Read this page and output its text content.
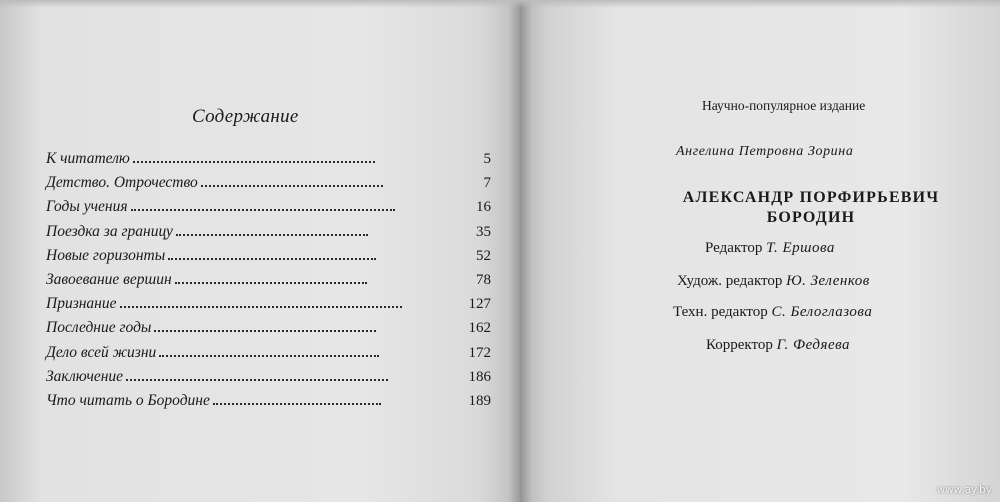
Содержание
К читателю	5
Детство. Отрочество	7
Годы учения	16
Поездка за границу	35
Новые горизонты	52
Завоевание вершин	78
Признание	127
Последние годы	162
Дело всей жизни	172
Заключение	186
Что читать о Бородине	189
Научно-популярное издание
Ангелина Петровна Зорина
АЛЕКСАНДР ПОРФИРЬЕВИЧ
БОРОДИН
Редактор Т. Ершова
Худож. редактор Ю. Зеленков
Техн. редактор С. Белоглазова
Корректор Г. Федяева
www.ay.by
